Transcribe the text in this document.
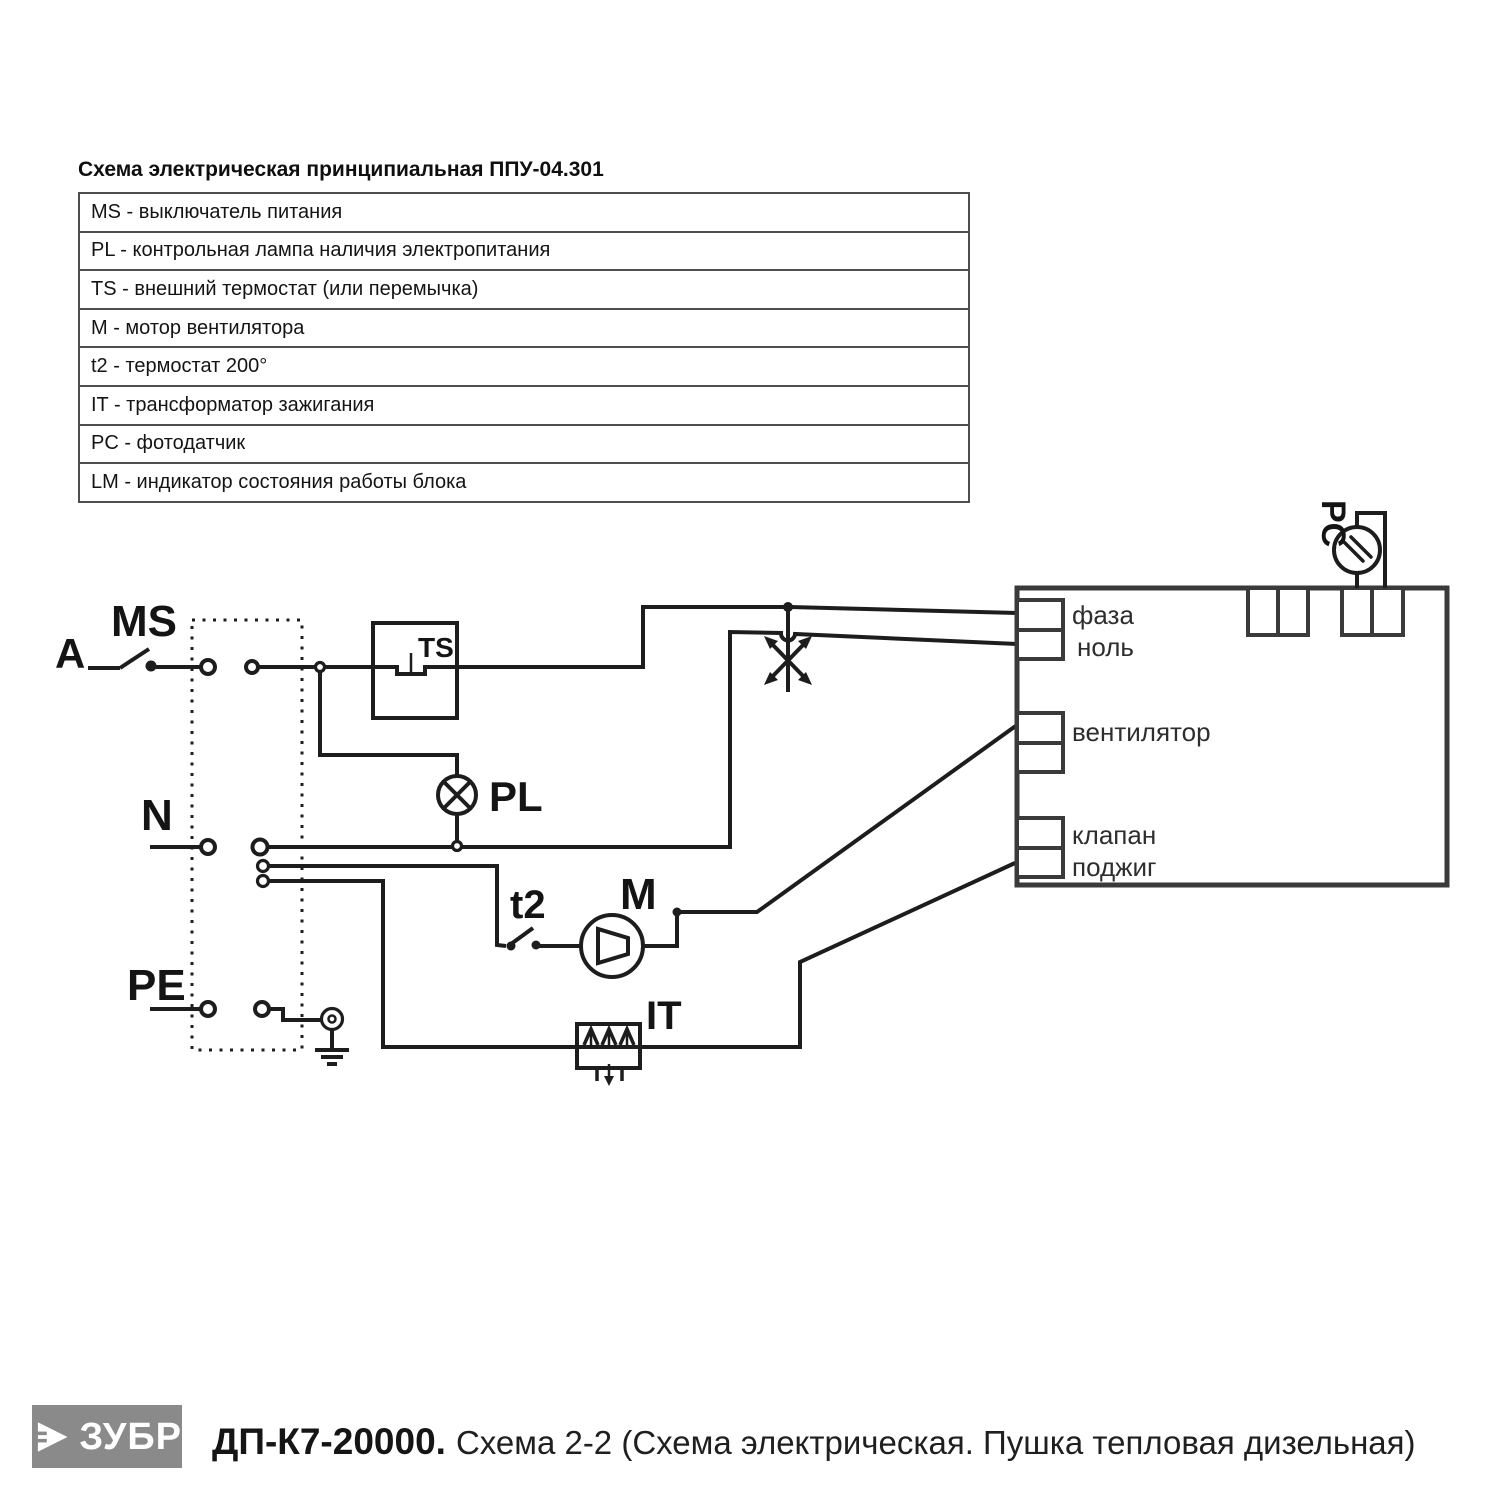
Схема электрическая принципиальная ППУ-04.301
MS - выключатель питания
PL - контрольная лампа наличия электропитания
TS - внешний термостат (или перемычка)
M - мотор вентилятора
t2 - термостат 200°
IT - трансформатор зажигания
PC - фотодатчик
LM - индикатор состояния работы блока
TS
фаза
ноль
вентилятор
клапан
поджиг
PC
A
MS
N
PE
PL
t2 M
IT
ЗУБР ДП-К7-20000. Схема 2-2 (Схема электрическая. Пушка тепловая дизельная)
